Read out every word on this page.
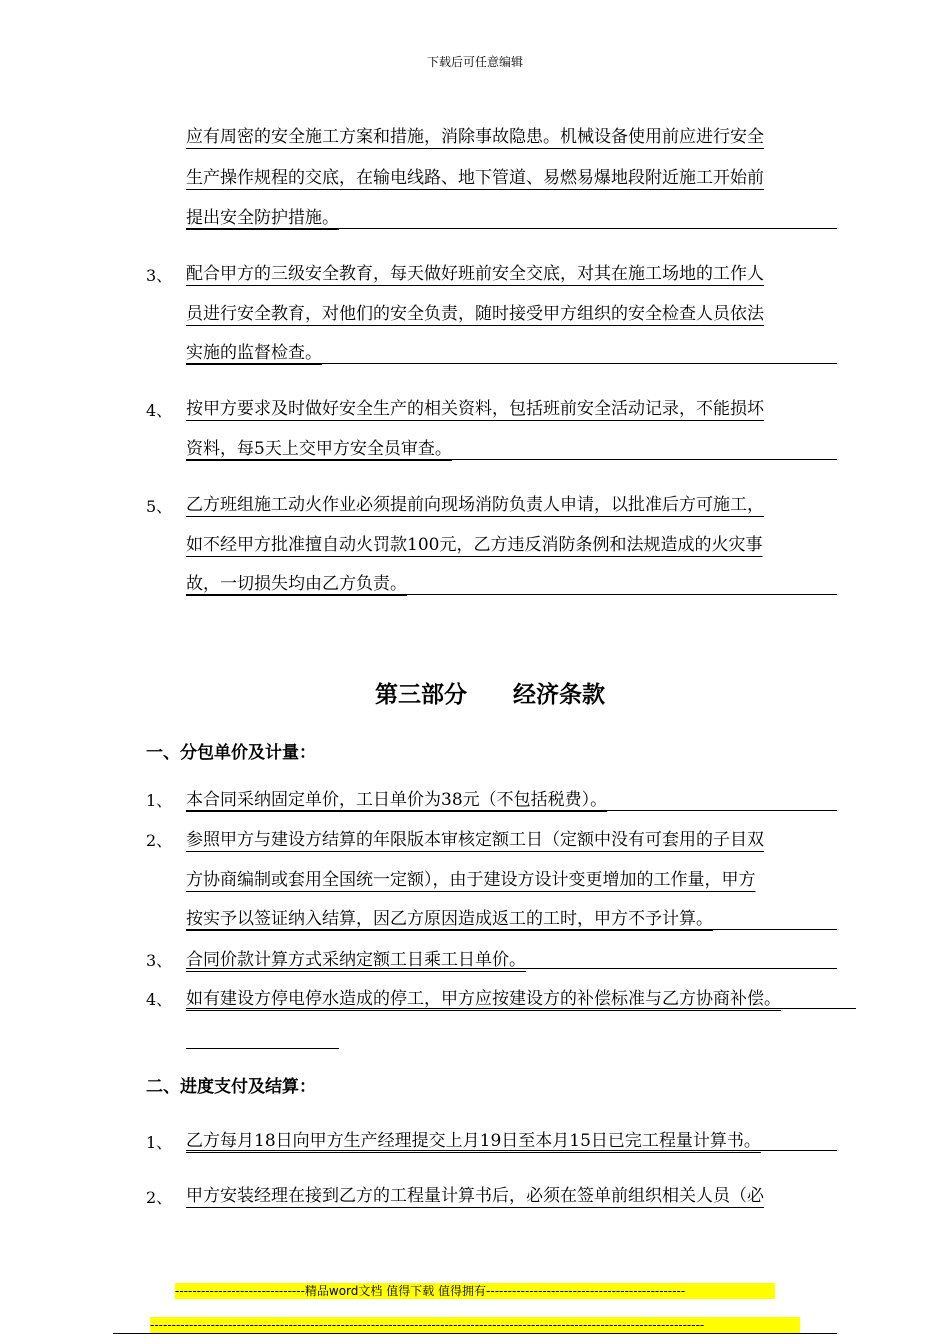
下载后可任意编辑
应有周密的安全施工方案和措施，消除事故隐患。机械设备使用前应进行安全
生产操作规程的交底，在输电线路、地下管道、易燃易爆地段附近施工开始前
提出安全防护措施。
3、 配合甲方的三级安全教育，每天做好班前安全交底，对其在施工场地的工作人
员进行安全教育，对他们的安全负责，随时接受甲方组织的安全检查人员依法
实施的监督检查。
4、 按甲方要求及时做好安全生产的相关资料，包括班前安全活动记录，不能损坏
资料，每5天上交甲方安全员审查。
5、 乙方班组施工动火作业必须提前向现场消防负责人申请，以批准后方可施工，
如不经甲方批准擅自动火罚款100元，乙方违反消防条例和法规造成的火灾事
故，一切损失均由乙方负责。
第三部分　　经济条款
一、分包单价及计量：
1、 本合同采纳固定单价，工日单价为38元（不包括税费）。
2、 参照甲方与建设方结算的年限版本审核定额工日（定额中没有可套用的子目双
方协商编制或套用全国统一定额），由于建设方设计变更增加的工作量，甲方
按实予以签证纳入结算，因乙方原因造成返工的工时，甲方不予计算。
3、 合同价款计算方式采纳定额工日乘工日单价。
4、 如有建设方停电停水造成的停工，甲方应按建设方的补偿标准与乙方协商补偿。
二、进度支付及结算：
1、 乙方每月18日向甲方生产经理提交上月19日至本月15日已完工程量计算书。
2、 甲方安装经理在接到乙方的工程量计算书后，必须在签单前组织相关人员（必
------------------------------精品word文档 值得下载 值得拥有----------------------------------------------
--------------------------------------------------------------------------------------------------------------------------------
